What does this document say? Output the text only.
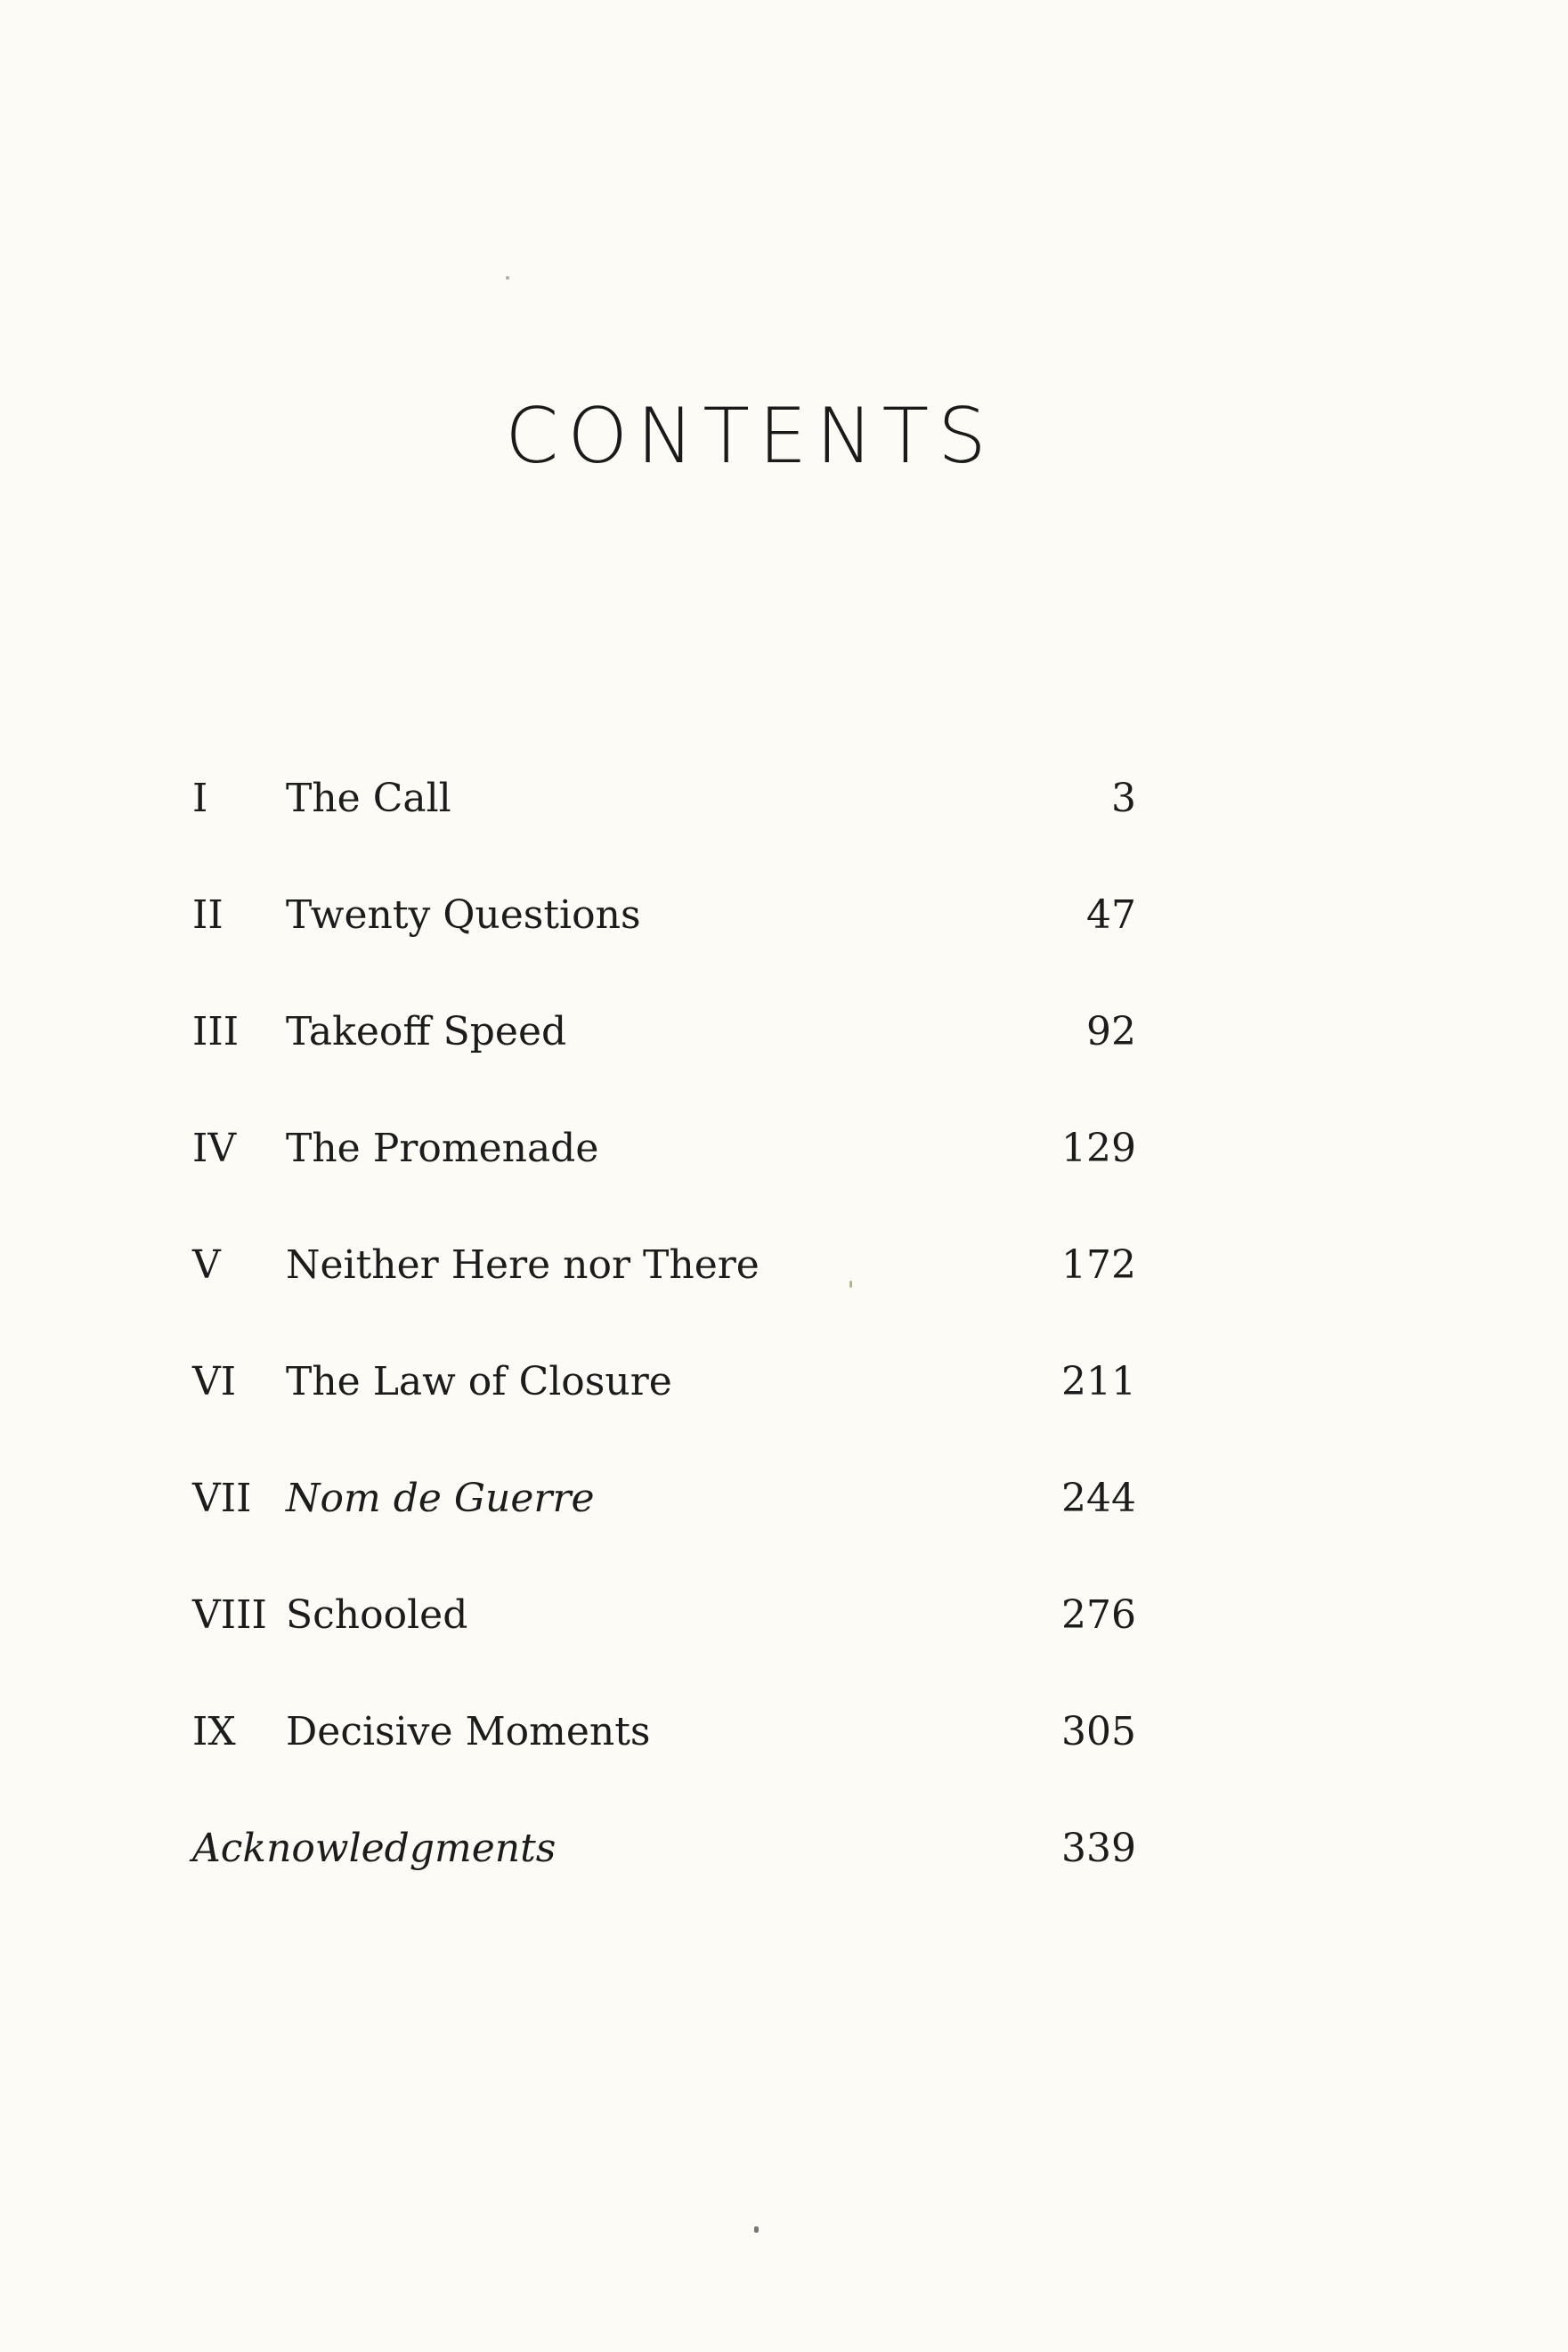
CONTENTS
I The Call	3
II Twenty Questions	47
III Takeoff Speed	92
IV The Promenade	129
V Neither Here nor There	172
VI The Law of Closure	211
VII Nom de Guerre	244
VIII Schooled	276
IX Decisive Moments	305
Acknowledgments	339
